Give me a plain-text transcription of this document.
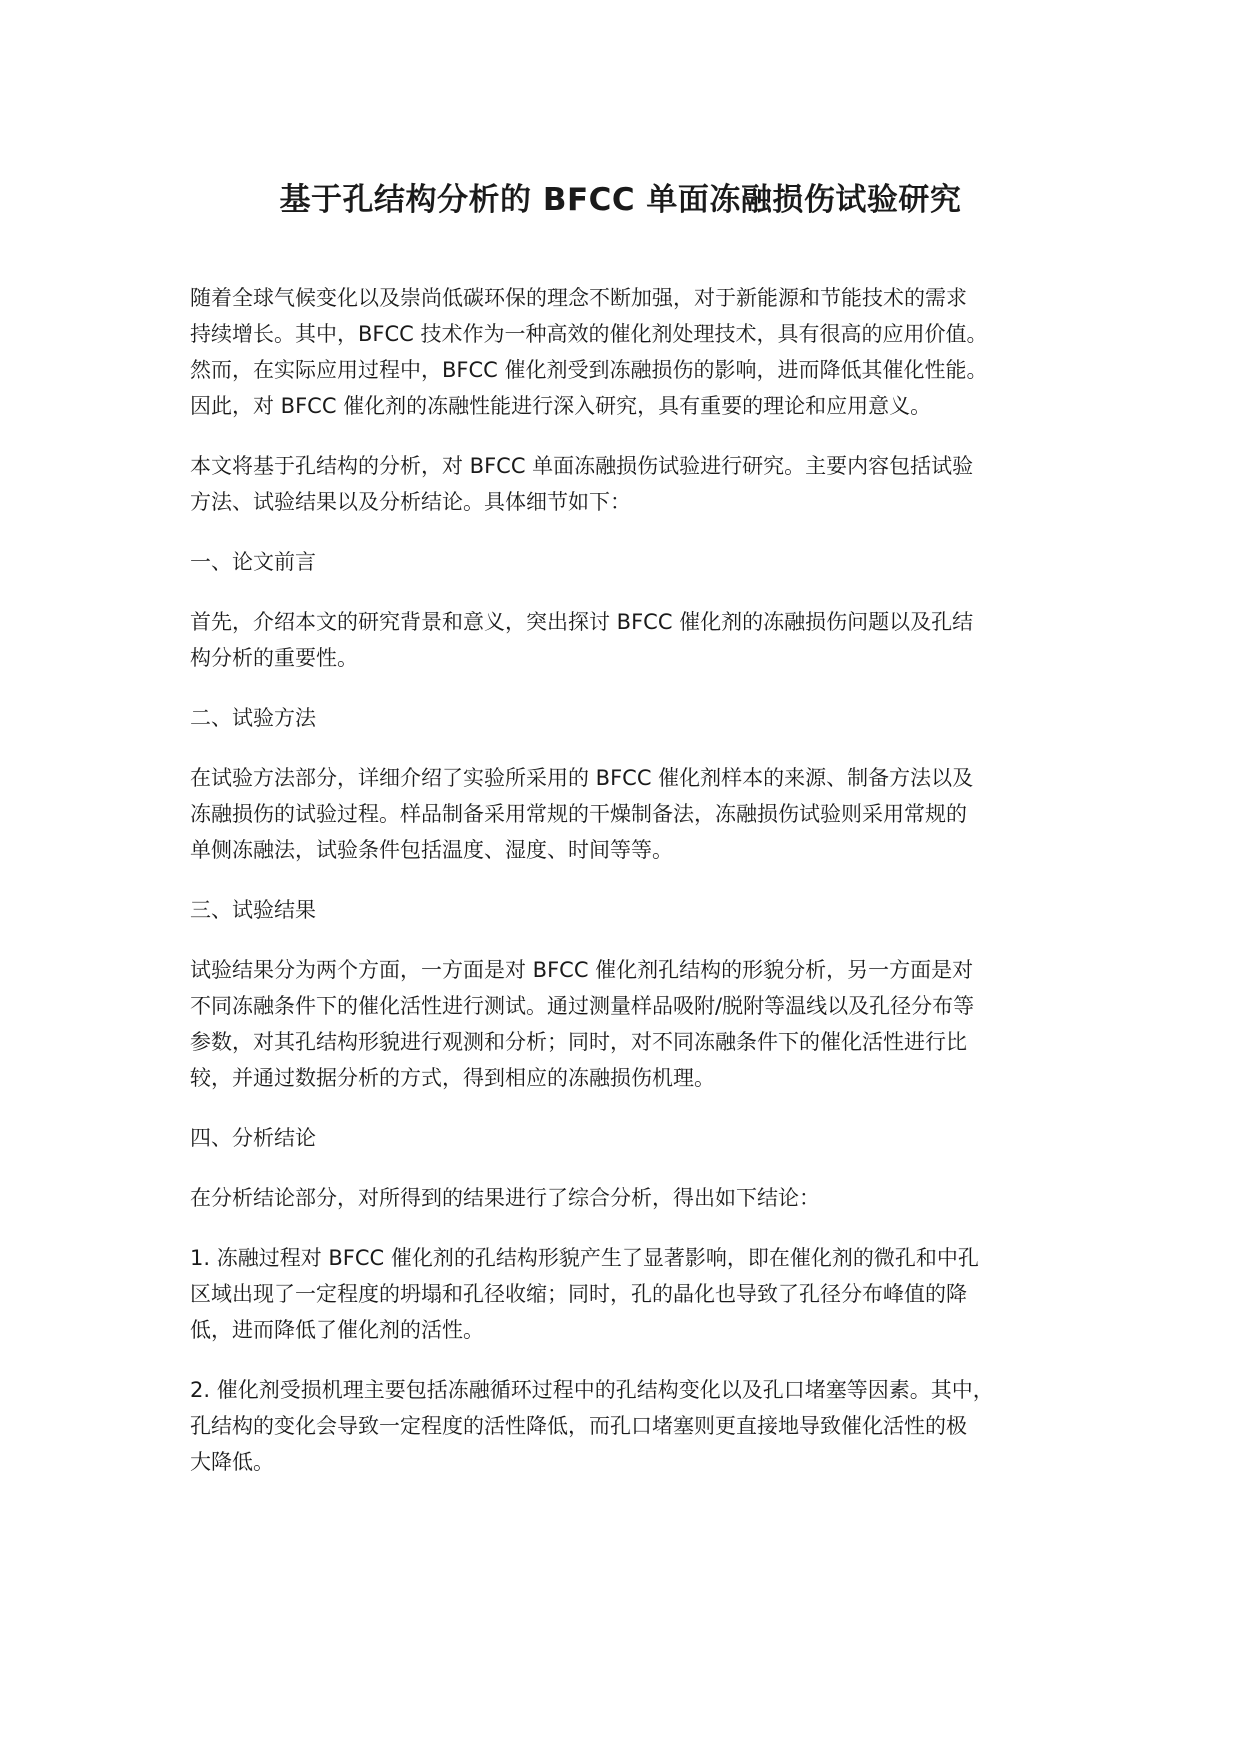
基于孔结构分析的 BFCC 单面冻融损伤试验研究

随着全球气候变化以及崇尚低碳环保的理念不断加强，对于新能源和节能技术的需求
持续增长。其中，BFCC 技术作为一种高效的催化剂处理技术，具有很高的应用价值。
然而，在实际应用过程中，BFCC 催化剂受到冻融损伤的影响，进而降低其催化性能。
因此，对 BFCC 催化剂的冻融性能进行深入研究，具有重要的理论和应用意义。

本文将基于孔结构的分析，对 BFCC 单面冻融损伤试验进行研究。主要内容包括试验
方法、试验结果以及分析结论。具体细节如下：

一、论文前言

首先，介绍本文的研究背景和意义，突出探讨 BFCC 催化剂的冻融损伤问题以及孔结
构分析的重要性。

二、试验方法

在试验方法部分，详细介绍了实验所采用的 BFCC 催化剂样本的来源、制备方法以及
冻融损伤的试验过程。样品制备采用常规的干燥制备法，冻融损伤试验则采用常规的
单侧冻融法，试验条件包括温度、湿度、时间等等。

三、试验结果

试验结果分为两个方面，一方面是对 BFCC 催化剂孔结构的形貌分析，另一方面是对
不同冻融条件下的催化活性进行测试。通过测量样品吸附/脱附等温线以及孔径分布等
参数，对其孔结构形貌进行观测和分析；同时，对不同冻融条件下的催化活性进行比
较，并通过数据分析的方式，得到相应的冻融损伤机理。

四、分析结论

在分析结论部分，对所得到的结果进行了综合分析，得出如下结论：

1. 冻融过程对 BFCC 催化剂的孔结构形貌产生了显著影响，即在催化剂的微孔和中孔
区域出现了一定程度的坍塌和孔径收缩；同时，孔的晶化也导致了孔径分布峰值的降
低，进而降低了催化剂的活性。

2. 催化剂受损机理主要包括冻融循环过程中的孔结构变化以及孔口堵塞等因素。其中，
孔结构的变化会导致一定程度的活性降低，而孔口堵塞则更直接地导致催化活性的极
大降低。
